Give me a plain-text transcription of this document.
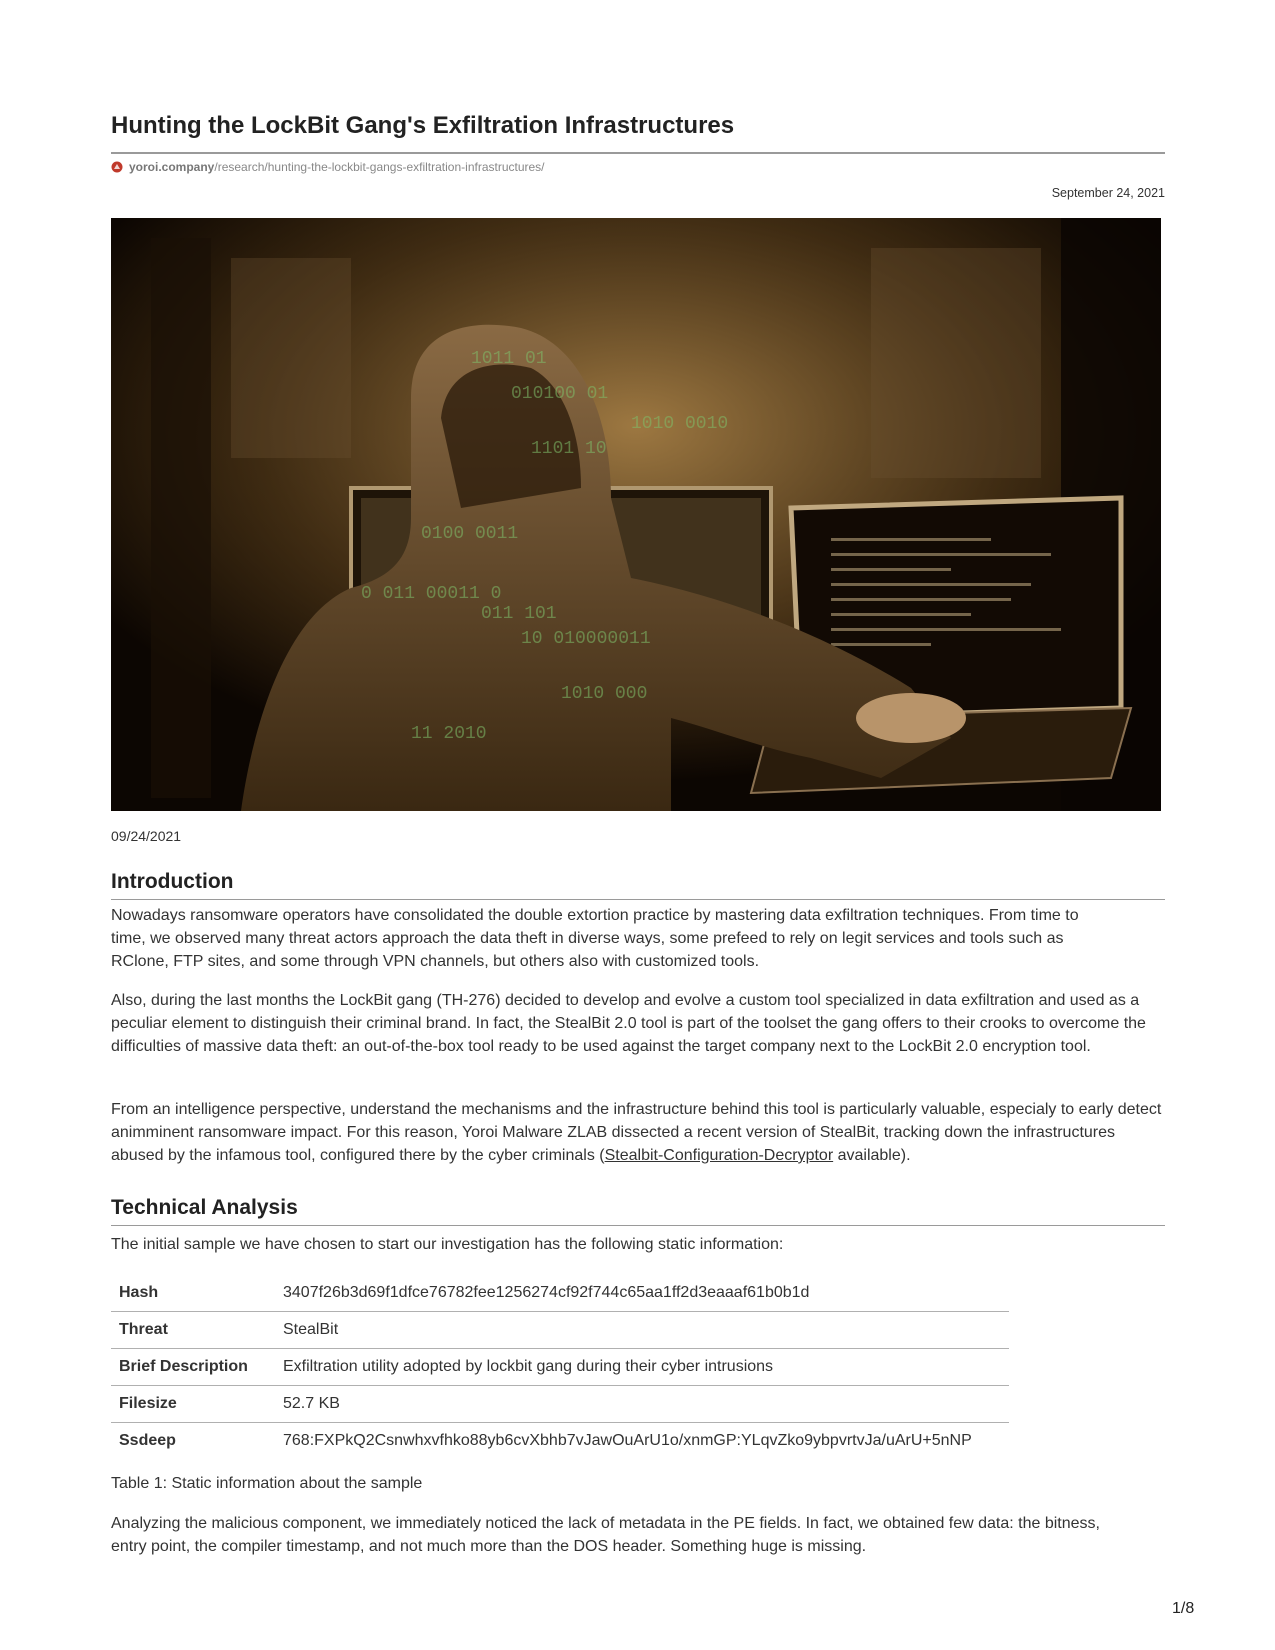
Hunting the LockBit Gang's Exfiltration Infrastructures
yoroi.company /research/hunting-the-lockbit-gangs-exfiltration-infrastructures/
September 24, 2021
1011 01
010100 01
1010 0010
1101 10
0100 0011
0 011 00011 0
011 101
10 010000011
1010 000
11 2010
09/24/2021
Introduction

Nowadays ransomware operators have consolidated the double extortion practice by mastering data exfiltration techniques. From time to time, we observed many threat actors approach the data theft in diverse ways, some prefeed to rely on legit services and tools such as RClone, FTP sites, and some through VPN channels, but others also with customized tools.

Also, during the last months the LockBit gang (TH-276) decided to develop and evolve a custom tool specialized in data exfiltration and used as a peculiar element to distinguish their criminal brand. In fact, the StealBit 2.0 tool is part of the toolset the gang offers to their crooks to overcome the difficulties of massive data theft: an out-of-the-box tool ready to be used against the target company next to the LockBit 2.0 encryption tool.

From an intelligence perspective, understand the mechanisms and the infrastructure behind this tool is particularly valuable, especialy to early detect animminent ransomware impact. For this reason, Yoroi Malware ZLAB dissected a recent version of StealBit, tracking down the infrastructures abused by the infamous tool, configured there by the cyber criminals (Stealbit-Configuration-Decryptor available).

Technical Analysis

The initial sample we have chosen to start our investigation has the following static information:

Hash	3407f26b3d69f1dfce76782fee1256274cf92f744c65aa1ff2d3eaaaf61b0b1d
Threat	StealBit
Brief Description	Exfiltration utility adopted by lockbit gang during their cyber intrusions
Filesize	52.7 KB
Ssdeep	768:FXPkQ2Csnwhxvfhko88yb6cvXbhb7vJawOuArU1o/xnmGP:YLqvZko9ybpvrtvJa/uArU+5nNP
Table 1: Static information about the sample

Analyzing the malicious component, we immediately noticed the lack of metadata in the PE fields. In fact, we obtained few data: the bitness, entry point, the compiler timestamp, and not much more than the DOS header. Something huge is missing.

1/8
